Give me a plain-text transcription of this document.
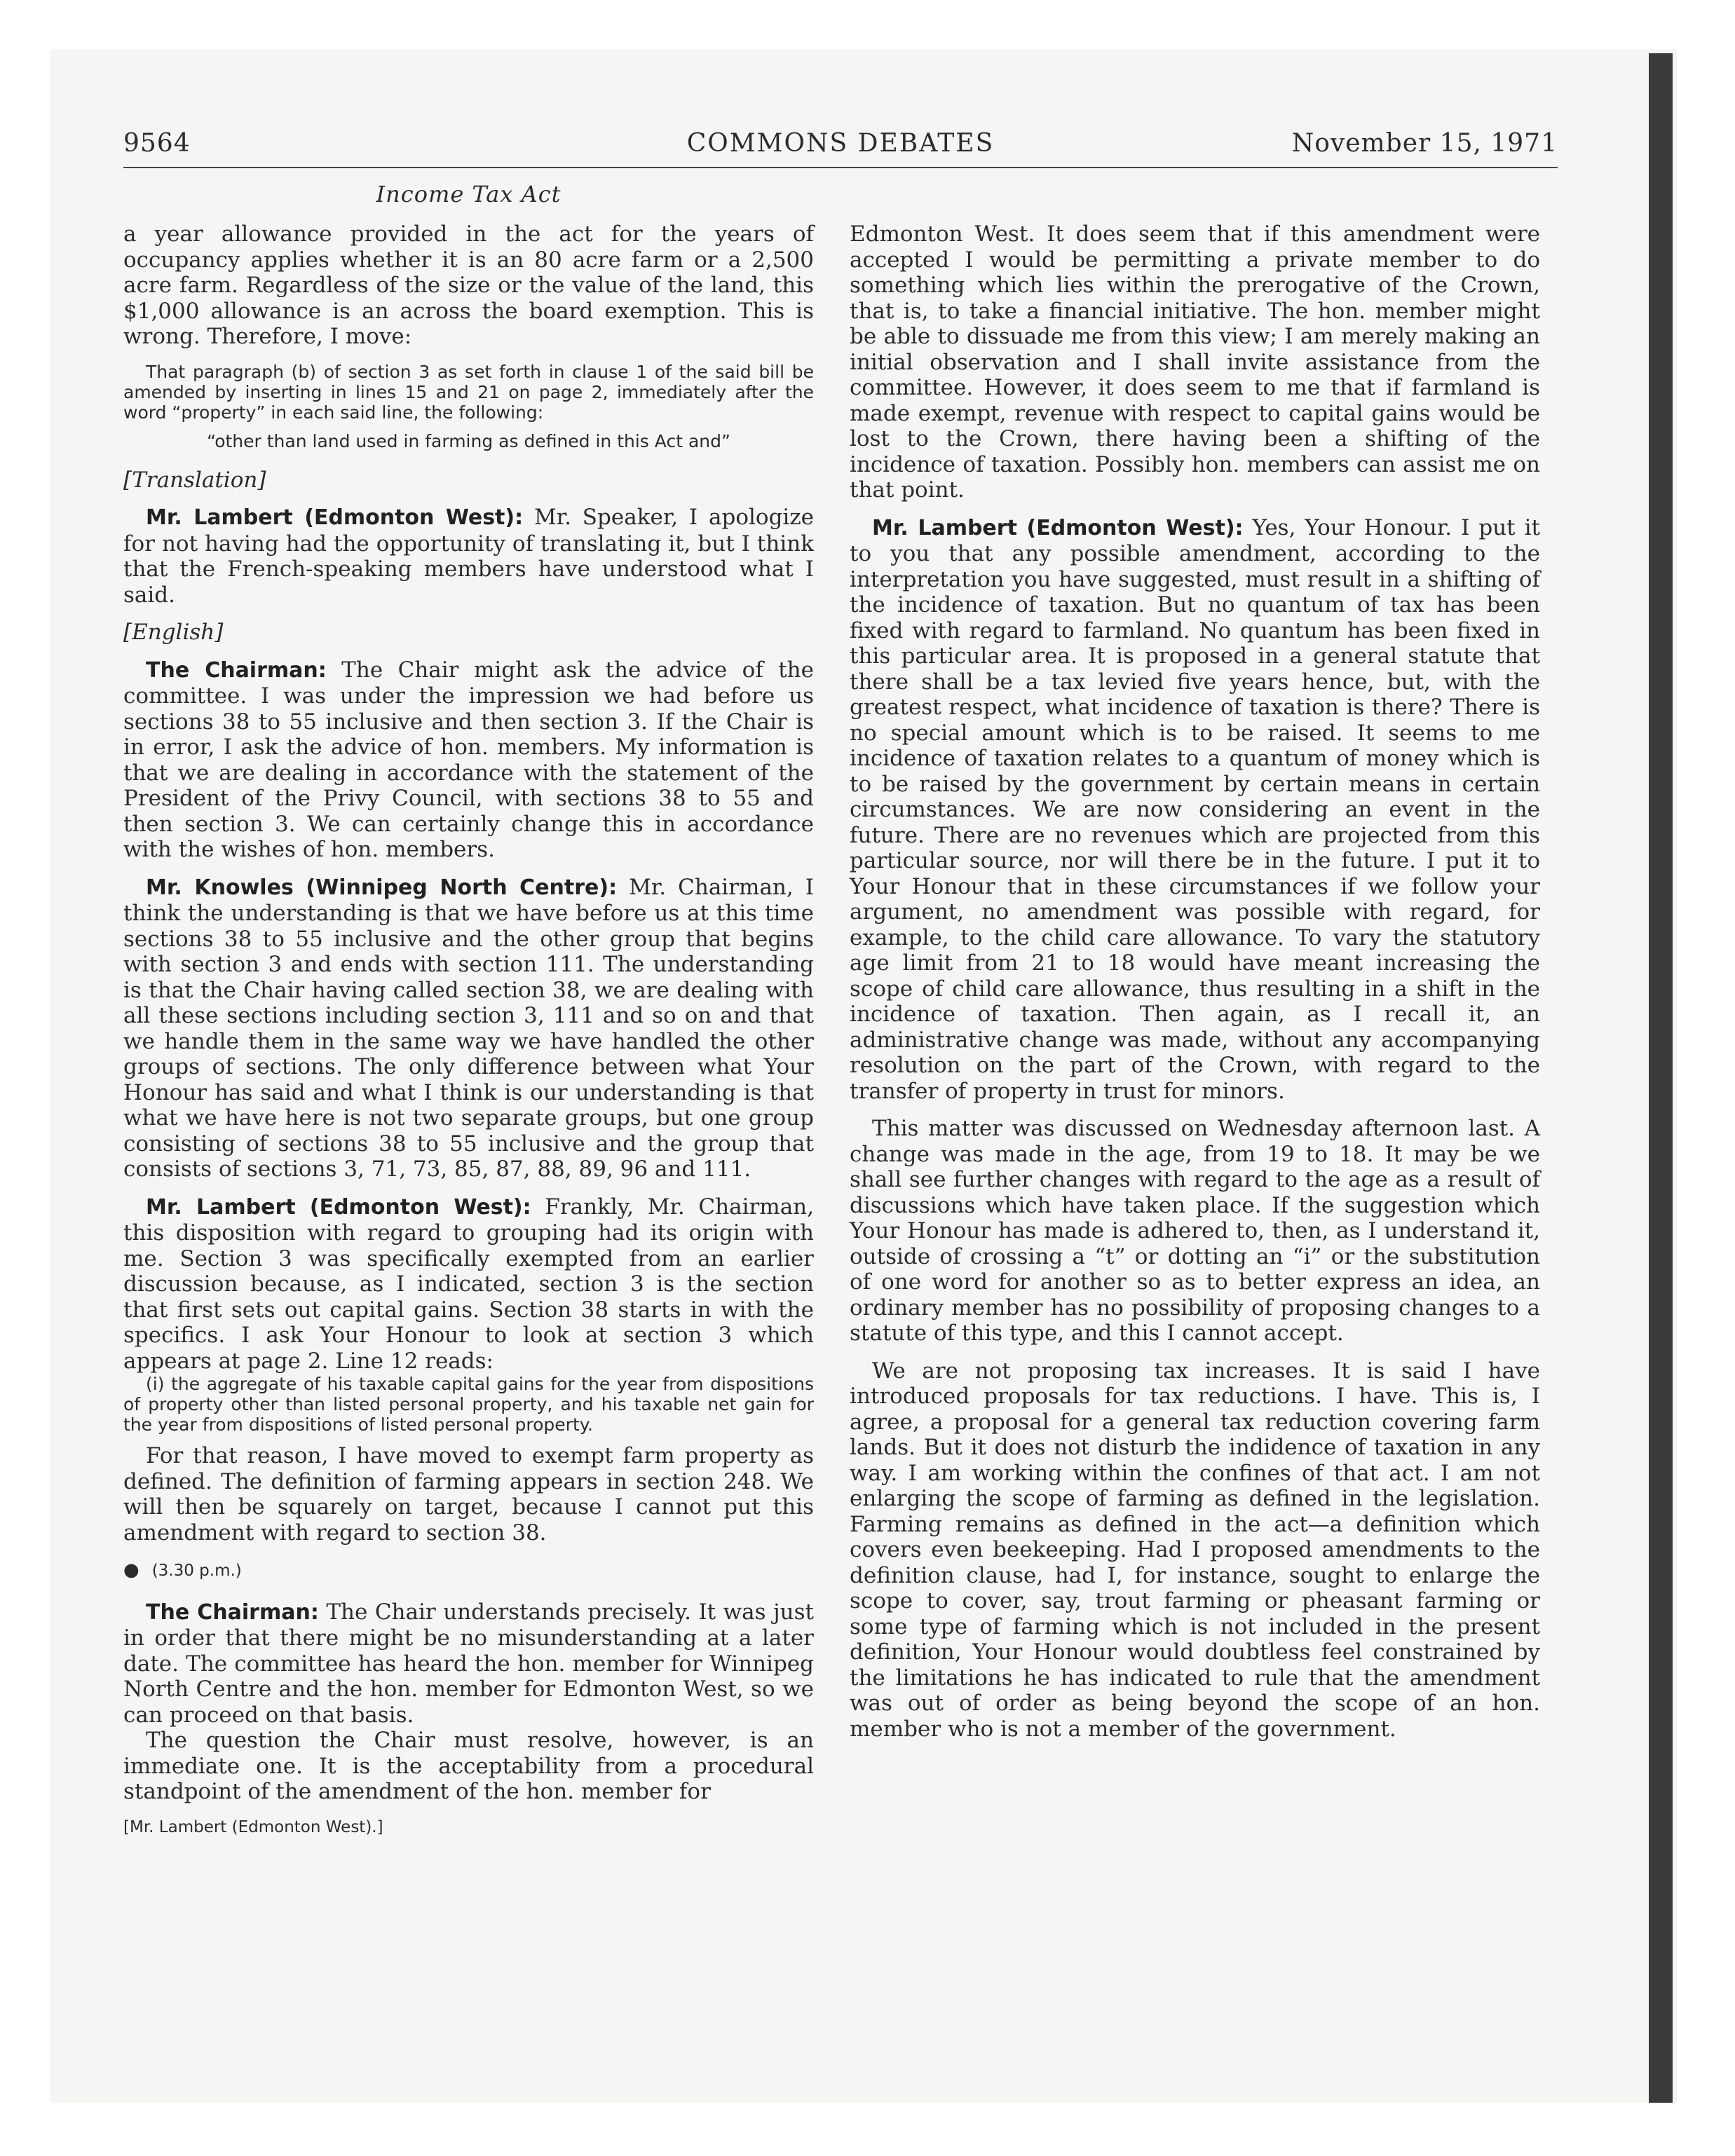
9564	COMMONS DEBATES	November 15, 1971
Income Tax Act

a year allowance provided in the act for the years of occupancy applies whether it is an 80 acre farm or a 2,500 acre farm. Regardless of the size or the value of the land, this $1,000 allowance is an across the board exemption. This is wrong. Therefore, I move:

That paragraph (b) of section 3 as set forth in clause 1 of the said bill be amended by inserting in lines 15 and 21 on page 2, immediately after the word “property” in each said line, the following:
“other than land used in farming as defined in this Act and”

[Translation]

Mr. Lambert (Edmonton West): Mr. Speaker, I apologize for not having had the opportunity of translating it, but I think that the French-speaking members have understood what I said.

[English]

The Chairman: The Chair might ask the advice of the committee. I was under the impression we had before us sections 38 to 55 inclusive and then section 3. If the Chair is in error, I ask the advice of hon. members. My information is that we are dealing in accordance with the statement of the President of the Privy Council, with sections 38 to 55 and then section 3. We can certainly change this in accordance with the wishes of hon. members.

Mr. Knowles (Winnipeg North Centre): Mr. Chairman, I think the understanding is that we have before us at this time sections 38 to 55 inclusive and the other group that begins with section 3 and ends with section 111. The understanding is that the Chair having called section 38, we are dealing with all these sections including section 3, 111 and so on and that we handle them in the same way we have handled the other groups of sections. The only difference between what Your Honour has said and what I think is our understanding is that what we have here is not two separate groups, but one group consisting of sections 38 to 55 inclusive and the group that consists of sections 3, 71, 73, 85, 87, 88, 89, 96 and 111.

Mr. Lambert (Edmonton West): Frankly, Mr. Chairman, this disposition with regard to grouping had its origin with me. Section 3 was specifically exempted from an earlier discussion because, as I indicated, section 3 is the section that first sets out capital gains. Section 38 starts in with the specifics. I ask Your Honour to look at section 3 which appears at page 2. Line 12 reads:

(i) the aggregate of his taxable capital gains for the year from dispositions of property other than listed personal property, and his taxable net gain for the year from dispositions of listed personal property.

For that reason, I have moved to exempt farm property as defined. The definition of farming appears in section 248. We will then be squarely on target, because I cannot put this amendment with regard to section 38.

● (3.30 p.m.)

The Chairman: The Chair understands precisely. It was just in order that there might be no misunderstanding at a later date. The committee has heard the hon. member for Winnipeg North Centre and the hon. member for Edmonton West, so we can proceed on that basis.

The question the Chair must resolve, however, is an immediate one. It is the acceptability from a procedural standpoint of the amendment of the hon. member for

[Mr. Lambert (Edmonton West).]

Edmonton West. It does seem that if this amendment were accepted I would be permitting a private member to do something which lies within the prerogative of the Crown, that is, to take a financial initiative. The hon. member might be able to dissuade me from this view; I am merely making an initial observation and I shall invite assistance from the committee. However, it does seem to me that if farmland is made exempt, revenue with respect to capital gains would be lost to the Crown, there having been a shifting of the incidence of taxation. Possibly hon. members can assist me on that point.

Mr. Lambert (Edmonton West): Yes, Your Honour. I put it to you that any possible amendment, according to the interpretation you have suggested, must result in a shifting of the incidence of taxation. But no quantum of tax has been fixed with regard to farmland. No quantum has been fixed in this particular area. It is proposed in a general statute that there shall be a tax levied five years hence, but, with the greatest respect, what incidence of taxation is there? There is no special amount which is to be raised. It seems to me incidence of taxation relates to a quantum of money which is to be raised by the government by certain means in certain circumstances. We are now considering an event in the future. There are no revenues which are projected from this particular source, nor will there be in the future. I put it to Your Honour that in these circumstances if we follow your argument, no amendment was possible with regard, for example, to the child care allowance. To vary the statutory age limit from 21 to 18 would have meant increasing the scope of child care allowance, thus resulting in a shift in the incidence of taxation. Then again, as I recall it, an administrative change was made, without any accompanying resolution on the part of the Crown, with regard to the transfer of property in trust for minors.

This matter was discussed on Wednesday afternoon last. A change was made in the age, from 19 to 18. It may be we shall see further changes with regard to the age as a result of discussions which have taken place. If the suggestion which Your Honour has made is adhered to, then, as I understand it, outside of crossing a “t” or dotting an “i” or the substitution of one word for another so as to better express an idea, an ordinary member has no possibility of proposing changes to a statute of this type, and this I cannot accept.

We are not proposing tax increases. It is said I have introduced proposals for tax reductions. I have. This is, I agree, a proposal for a general tax reduction covering farm lands. But it does not disturb the indidence of taxation in any way. I am working within the confines of that act. I am not enlarging the scope of farming as defined in the legislation. Farming remains as defined in the act—a definition which covers even beekeeping. Had I proposed amendments to the definition clause, had I, for instance, sought to enlarge the scope to cover, say, trout farming or pheasant farming or some type of farming which is not included in the present definition, Your Honour would doubtless feel constrained by the limitations he has indicated to rule that the amendment was out of order as being beyond the scope of an hon. member who is not a member of the government.
